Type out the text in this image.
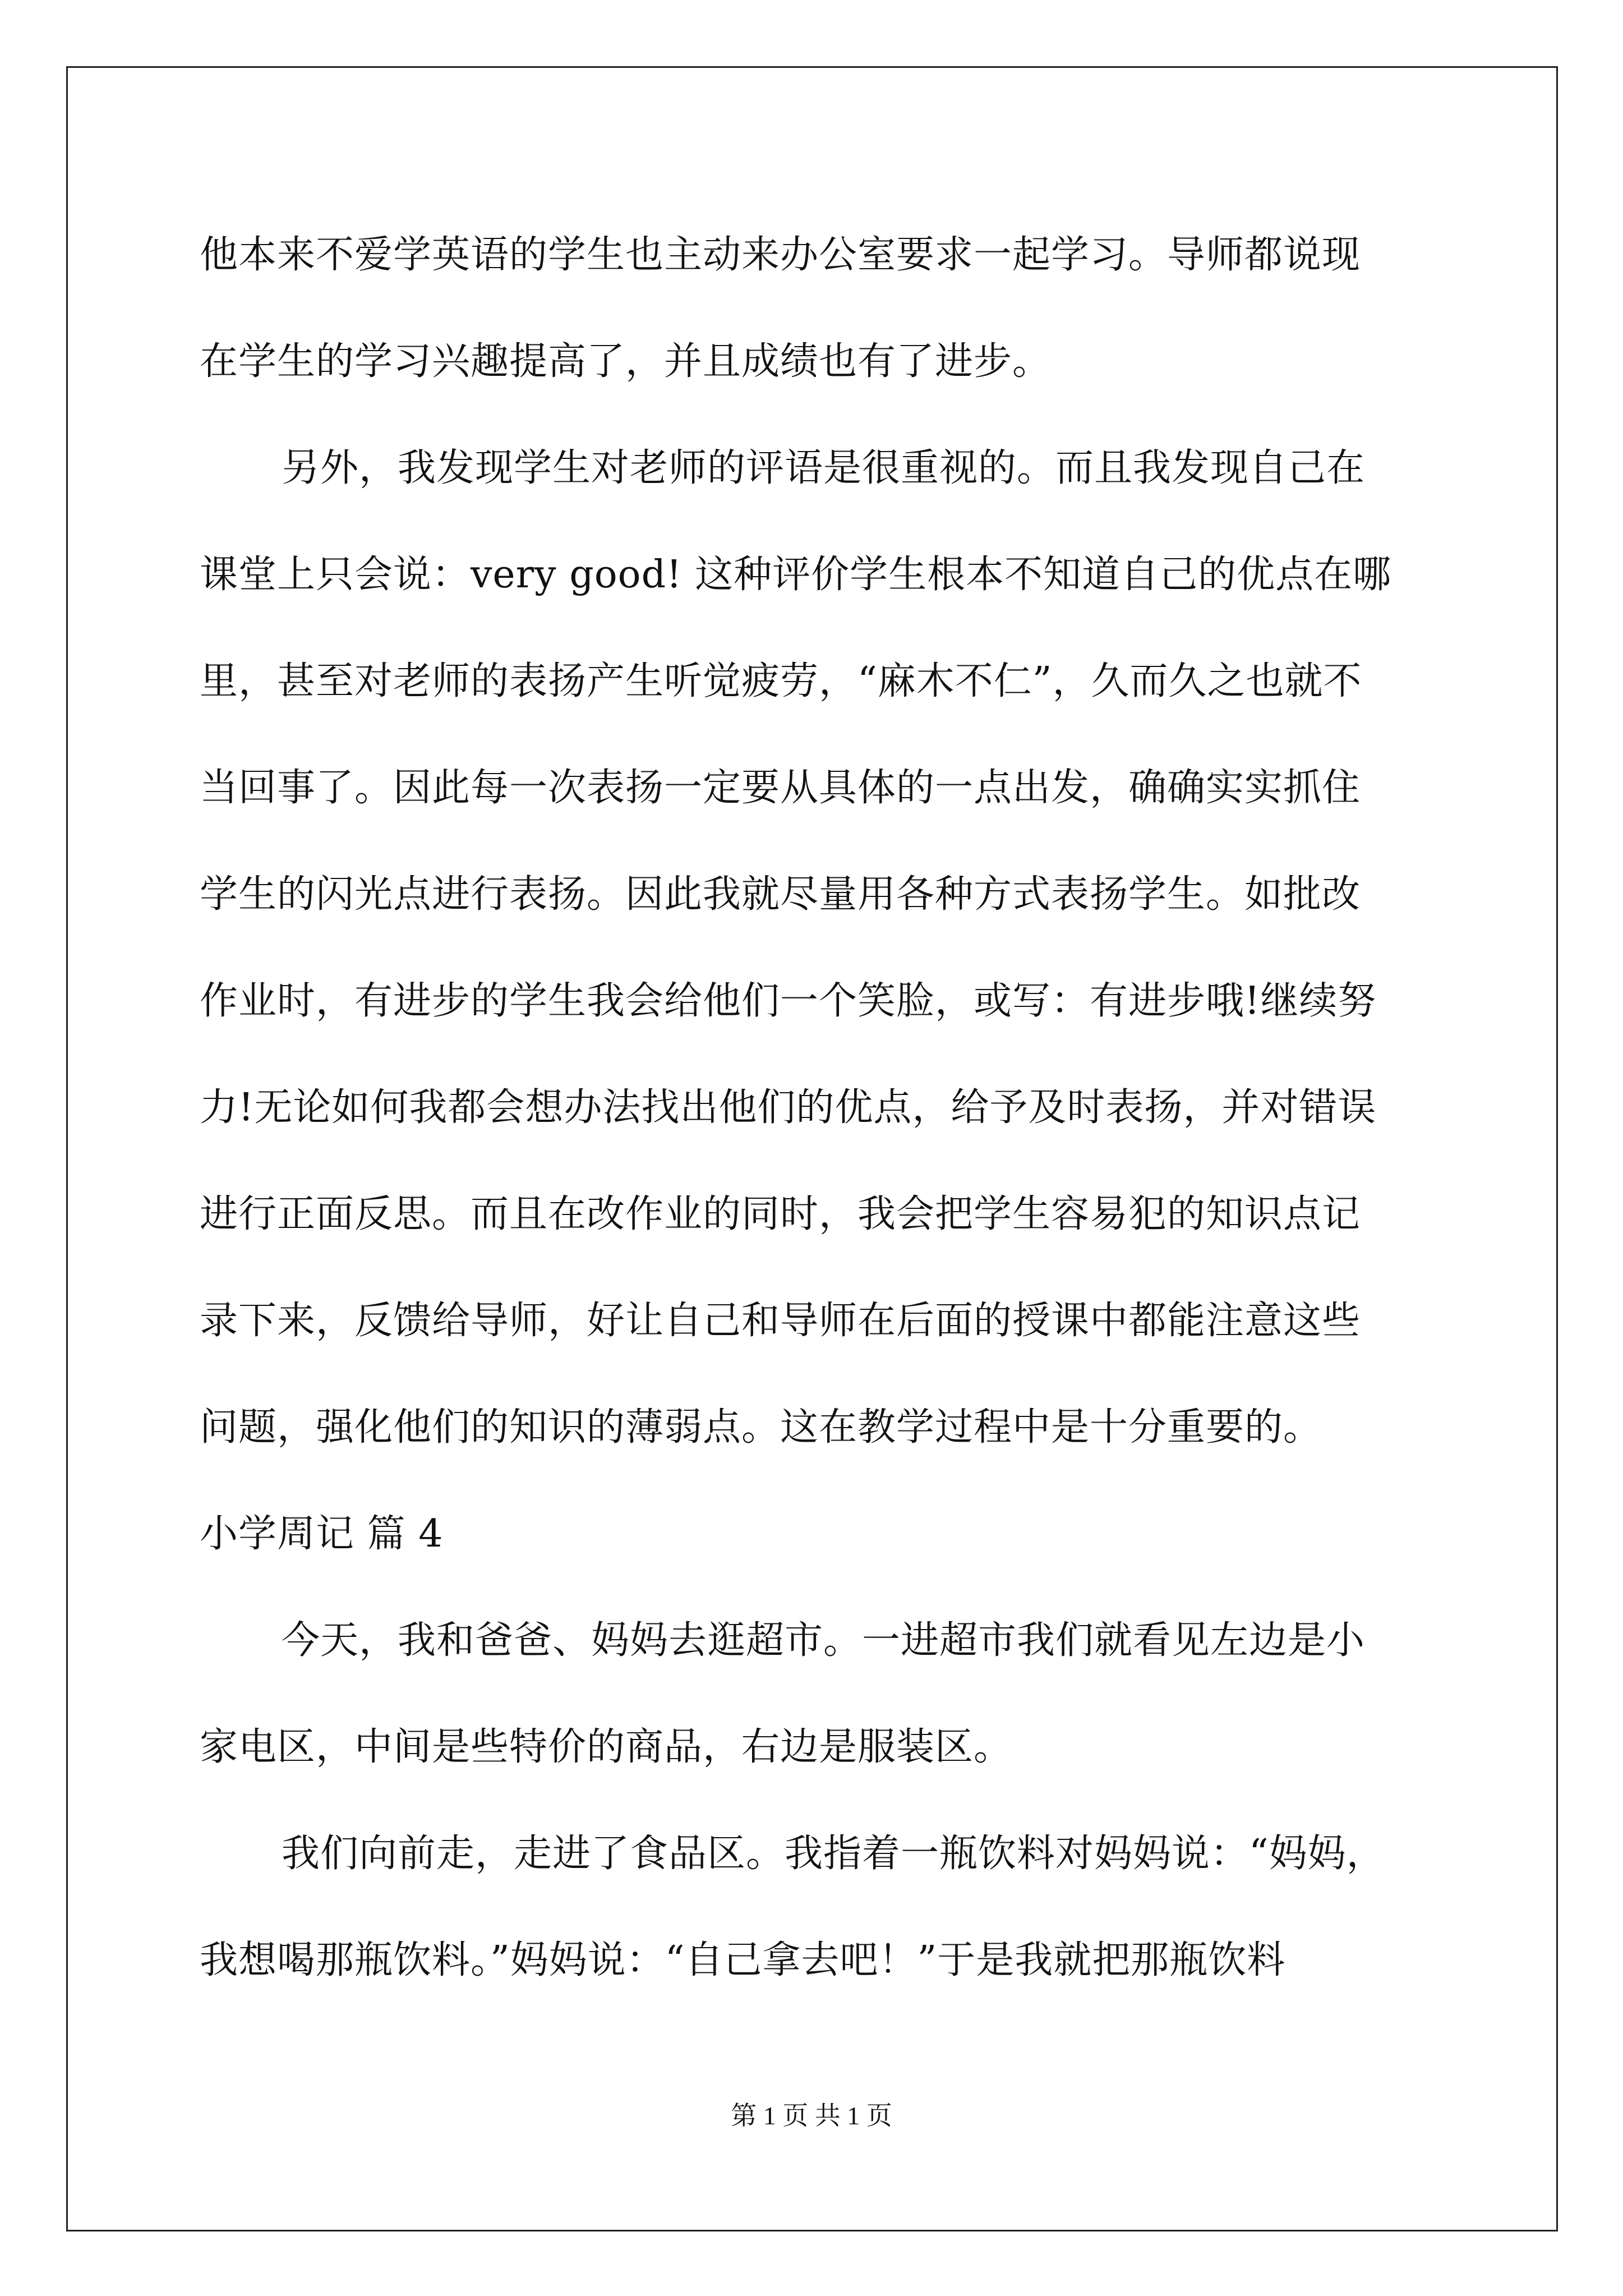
他本来不爱学英语的学生也主动来办公室要求一起学习。导师都说现
在学生的学习兴趣提高了，并且成绩也有了进步。
另外，我发现学生对老师的评语是很重视的。而且我发现自己在
课堂上只会说：very good! 这种评价学生根本不知道自己的优点在哪
里，甚至对老师的表扬产生听觉疲劳，“麻木不仁”，久而久之也就不
当回事了。因此每一次表扬一定要从具体的一点出发，确确实实抓住
学生的闪光点进行表扬。因此我就尽量用各种方式表扬学生。如批改
作业时，有进步的学生我会给他们一个笑脸，或写：有进步哦!继续努
力!无论如何我都会想办法找出他们的优点，给予及时表扬，并对错误
进行正面反思。而且在改作业的同时，我会把学生容易犯的知识点记
录下来，反馈给导师，好让自己和导师在后面的授课中都能注意这些
问题，强化他们的知识的薄弱点。这在教学过程中是十分重要的。
小学周记 篇 4
今天，我和爸爸、妈妈去逛超市。一进超市我们就看见左边是小
家电区，中间是些特价的商品，右边是服装区。
我们向前走，走进了食品区。我指着一瓶饮料对妈妈说：“妈妈，
我想喝那瓶饮料。”妈妈说：“自己拿去吧！”于是我就把那瓶饮料
第 1 页 共 1 页
